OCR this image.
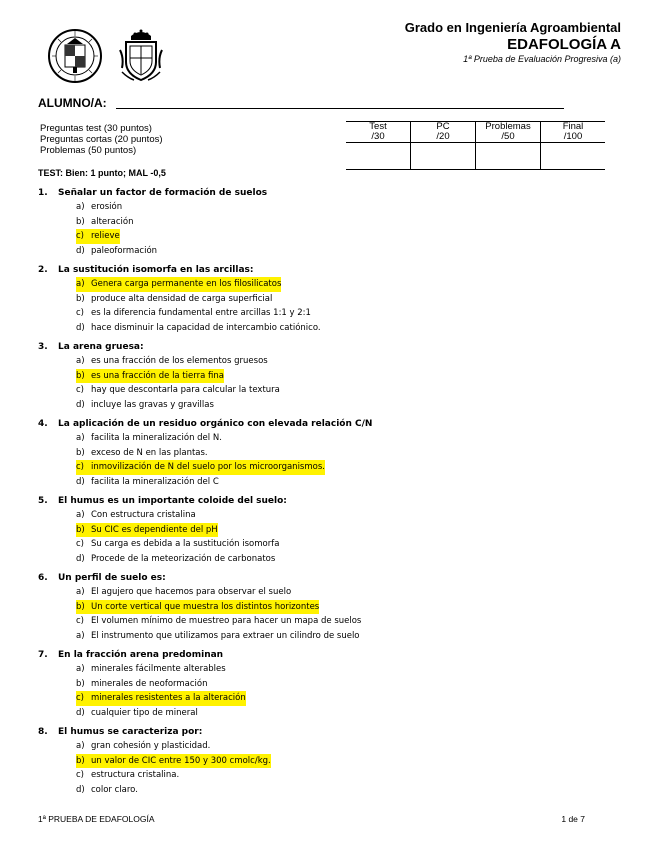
Grado en Ingeniería Agroambiental
EDAFOLOGÍA A
1ª Prueba de Evaluación Progresiva (a)
ALUMNO/A:
Preguntas test (30 puntos)
Preguntas cortas (20 puntos)
Problemas (50 puntos)
Test	PC	Problemas	Final
/30	/20	/50	/100

TEST: Bien: 1 punto; MAL -0,5
1.	Señalar un factor de formación de suelos
a) erosión
b) alteración
c) relieve
d) paleoformación
2.	La sustitución isomorfa en las arcillas:
a) Genera carga permanente en los filosilicatos
b) produce alta densidad de carga superficial
c) es la diferencia fundamental entre arcillas 1:1 y 2:1
d) hace disminuir la capacidad de intercambio catiónico.
3.	La arena gruesa:
a) es una fracción de los elementos gruesos
b) es una fracción de la tierra fina
c) hay que descontarla para calcular la textura
d) incluye las gravas y gravillas
4.	La aplicación de un residuo orgánico con elevada relación C/N
a) facilita la mineralización del N.
b) exceso de N en las plantas.
c) inmovilización de N del suelo por los microorganismos.
d) facilita la mineralización del C
5.	El humus es un importante coloide del suelo:
a) Con estructura cristalina
b) Su CIC es dependiente del pH
c) Su carga es debida a la sustitución isomorfa
d) Procede de la meteorización de carbonatos
6.	Un perfil de suelo es:
a) El agujero que hacemos para observar el suelo
b) Un corte vertical que muestra los distintos horizontes
c) El volumen mínimo de muestreo para hacer un mapa de suelos
a) El instrumento que utilizamos para extraer un cilindro de suelo
7.	En la fracción arena predominan
a) minerales fácilmente alterables
b) minerales de neoformación
c) minerales resistentes a la alteración
d) cualquier tipo de mineral
8.	El humus se caracteriza por:
a) gran cohesión y plasticidad.
b) un valor de CIC entre 150 y 300 cmolc/kg.
c) estructura cristalina.
d) color claro.
1ª PRUEBA DE EDAFOLOGÍA	1 de 7
